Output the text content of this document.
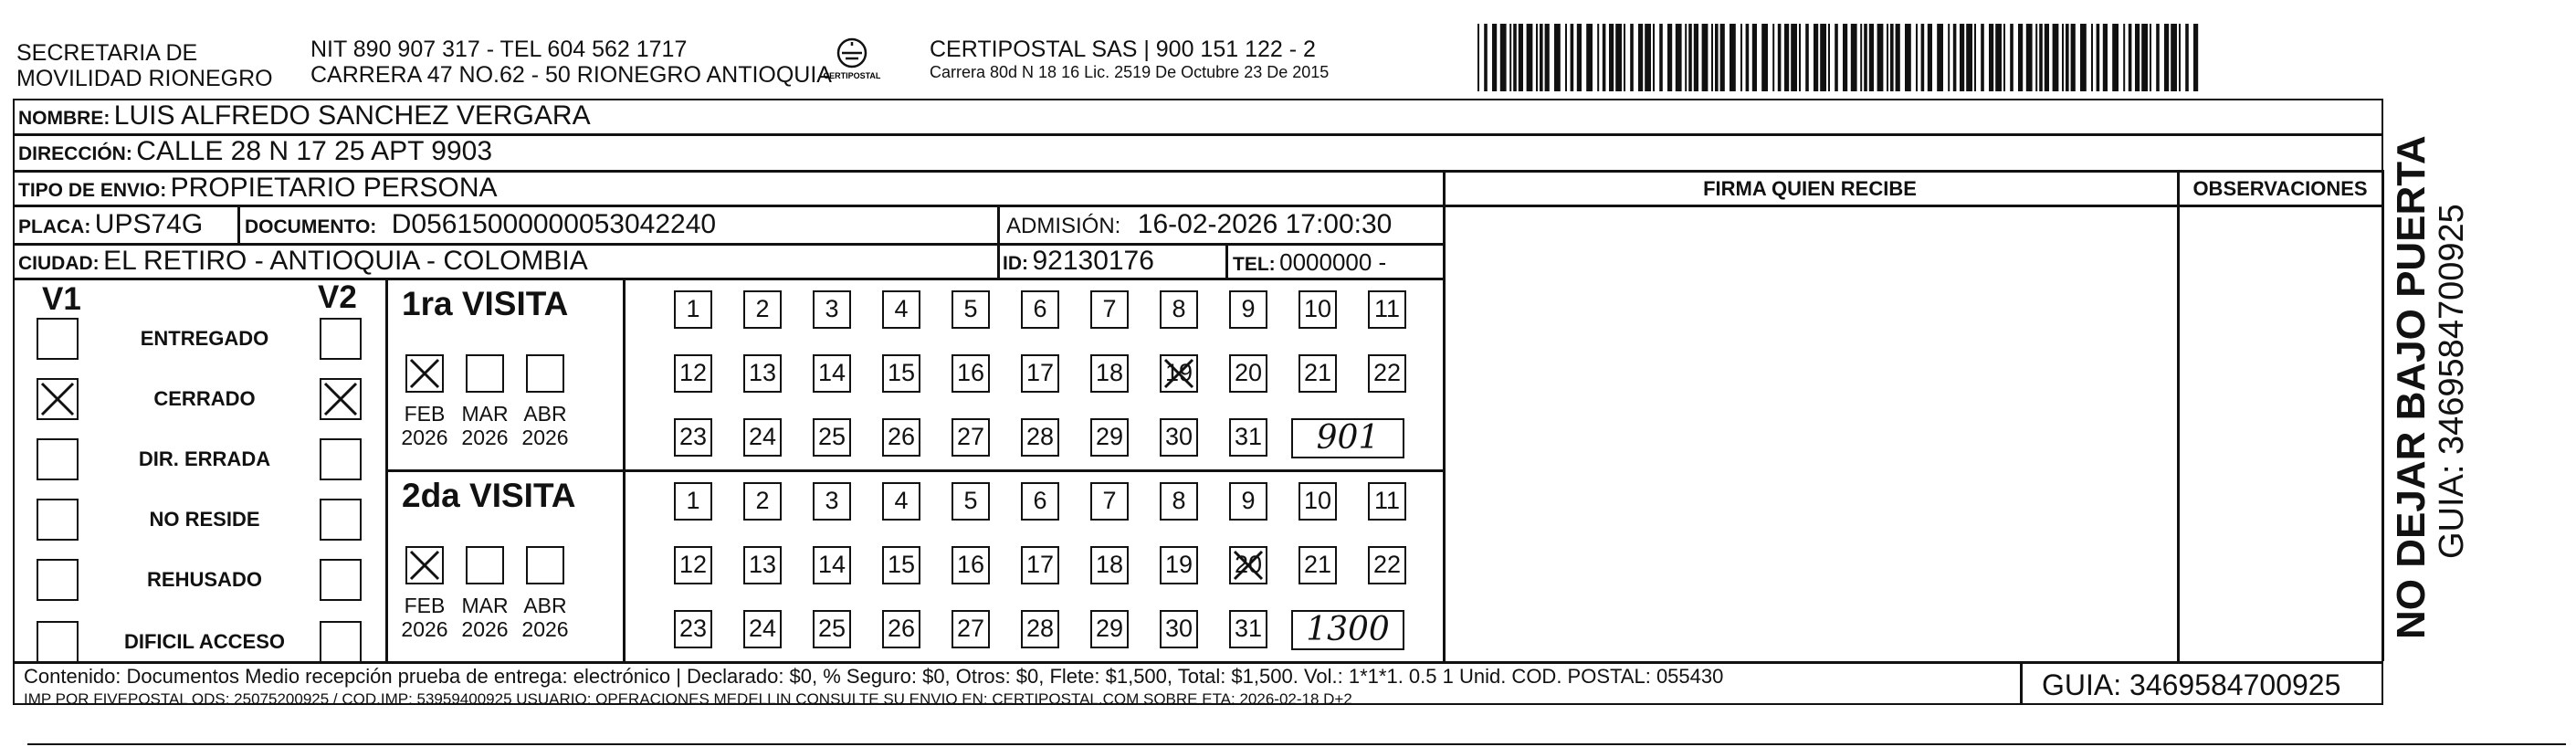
SECRETARIA DE
MOVILIDAD RIONEGRO
NIT 890 907 317 - TEL 604 562 1717
CARRERA 47 NO.62 - 50 RIONEGRO ANTIOQUIA
CERTIPOSTAL
CERTIPOSTAL SAS | 900 151 122 - 2
Carrera 80d N 18 16 Lic. 2519 De Octubre 23 De 2015
NOMBRE: LUIS ALFREDO SANCHEZ VERGARA
DIRECCIÓN: CALLE 28 N 17 25 APT 9903
TIPO DE ENVIO: PROPIETARIO PERSONA
PLACA: UPS74G DOCUMENTO: D05615000000053042240	ADMISIÓN: 16-02-2026 17:00:30
CIUDAD: EL RETIRO - ANTIOQUIA - COLOMBIA	ID: 92130176	TEL: 0000000 -
FIRMA QUIEN RECIBE	OBSERVACIONES
V1	V2
ENTREGADO
CERRADO
DIR. ERRADA
NO RESIDE
REHUSADO
DIFICIL ACCESO
1ra VISITA
FEB
2026
MAR
2026
ABR
2026
1	2	3	4	5	6	7	8	9	10 11
12 13 14 15 16 17 18 19 20 21 22
23 24 25 26 27 28 29 30 31	901
2da VISITA
FEB
2026
MAR
2026
ABR
2026
1	2	3	4	5	6	7	8	9	10 11
12 13 14 15 16 17 18 19 20 21 22
23 24 25 26 27 28 29 30 31	1300
Contenido: Documentos Medio recepción prueba de entrega: electrónico | Declarado: $0, % Seguro: $0, Otros: $0, Flete: $1,500, Total: $1,500. Vol.: 1*1*1. 0.5 1 Unid. COD. POSTAL: 055430
IMP POR FIVEPOSTAL ODS: 25075200925 / COD.IMP: 53959400925 USUARIO: OPERACIONES MEDELLIN CONSULTE SU ENVIO EN: CERTIPOSTAL.COM SOBRE ETA: 2026-02-18 D+2	GUIA: 3469584700925
NO DEJAR BAJO PUERTA GUIA: 3469584700925
